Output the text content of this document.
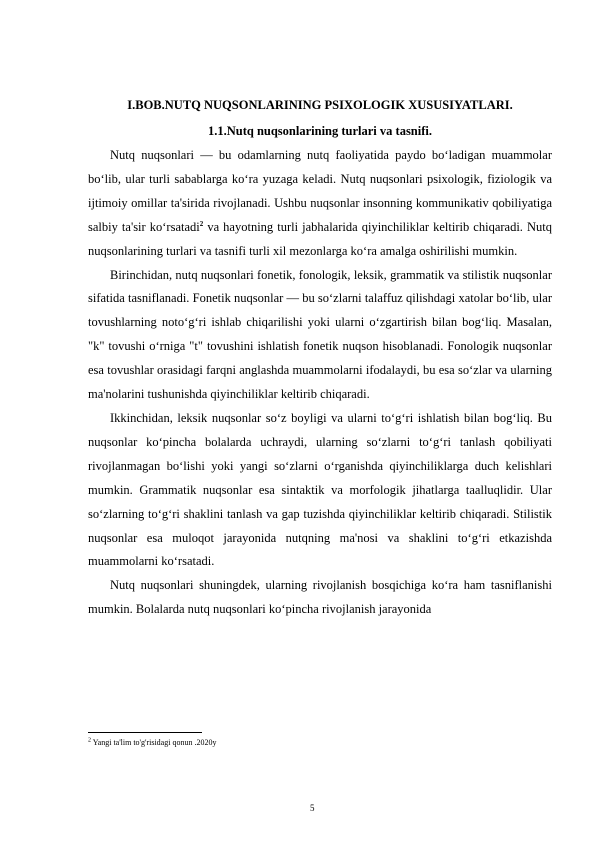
I.BOB.NUTQ NUQSONLARINING PSIXOLOGIK XUSUSIYATLARI.
1.1.Nutq nuqsonlarining turlari va tasnifi.

Nutq nuqsonlari — bu odamlarning nutq faoliyatida paydo bo‘ladigan muammolar bo‘lib, ular turli sabablarga ko‘ra yuzaga keladi. Nutq nuqsonlari psixologik, fiziologik va ijtimoiy omillar ta'sirida rivojlanadi. Ushbu nuqsonlar insonning kommunikativ qobiliyatiga salbiy ta'sir ko‘rsatadi$^2$ va hayotning turli jabhalarida qiyinchiliklar keltirib chiqaradi. Nutq nuqsonlarining turlari va tasnifi turli xil mezonlarga ko‘ra amalga oshirilishi mumkin.

Birinchidan, nutq nuqsonlari fonetik, fonologik, leksik, grammatik va stilistik nuqsonlar sifatida tasniflanadi. Fonetik nuqsonlar — bu so‘zlarni talaffuz qilishdagi xatolar bo‘lib, ular tovushlarning noto‘g‘ri ishlab chiqarilishi yoki ularni o‘zgartirish bilan bog‘liq. Masalan, "k" tovushi o‘rniga "t" tovushini ishlatish fonetik nuqson hisoblanadi. Fonologik nuqsonlar esa tovushlar orasidagi farqni anglashda muammolarni ifodalaydi, bu esa so‘zlar va ularning ma'nolarini tushunishda qiyinchiliklar keltirib chiqaradi.

Ikkinchidan, leksik nuqsonlar so‘z boyligi va ularni to‘g‘ri ishlatish bilan bog‘liq. Bu nuqsonlar ko‘pincha bolalarda uchraydi, ularning so‘zlarni to‘g‘ri tanlash qobiliyati rivojlanmagan bo‘lishi yoki yangi so‘zlarni o‘rganishda qiyinchiliklarga duch kelishlari mumkin. Grammatik nuqsonlar esa sintaktik va morfologik jihatlarga taalluqlidir. Ular so‘zlarning to‘g‘ri shaklini tanlash va gap tuzishda qiyinchiliklar keltirib chiqaradi. Stilistik nuqsonlar esa muloqot jarayonida nutqning ma'nosi va shaklini to‘g‘ri etkazishda muammolarni ko‘rsatadi.

Nutq nuqsonlari shuningdek, ularning rivojlanish bosqichiga ko‘ra ham tasniflanishi mumkin. Bolalarda nutq nuqsonlari ko‘pincha rivojlanish jarayonida

$^2$ Yangi ta'lim to'g'risidagi qonun .2020y
5
